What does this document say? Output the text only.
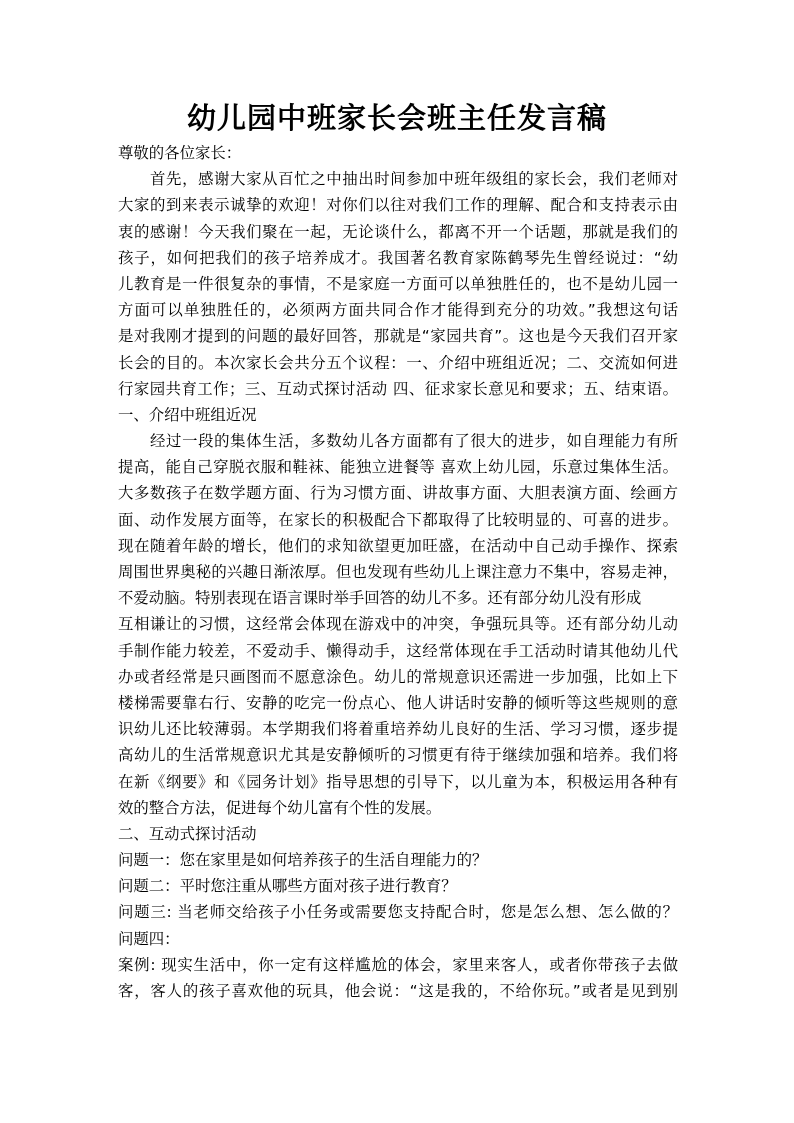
幼儿园中班家长会班主任发言稿
尊敬的各位家长：
　　首先，感谢大家从百忙之中抽出时间参加中班年级组的家长会，我们老师对
大家的到来表示诚挚的欢迎！对你们以往对我们工作的理解、配合和支持表示由
衷的感谢！今天我们聚在一起，无论谈什么，都离不开一个话题，那就是我们的
孩子，如何把我们的孩子培养成才。我国著名教育家陈鹤琴先生曾经说过：“幼
儿教育是一件很复杂的事情，不是家庭一方面可以单独胜任的，也不是幼儿园一
方面可以单独胜任的，必须两方面共同合作才能得到充分的功效。”我想这句话
是对我刚才提到的问题的最好回答，那就是“家园共育”。这也是今天我们召开家
长会的目的。本次家长会共分五个议程：一、介绍中班组近况；二、交流如何进
行家园共育工作；三、互动式探讨活动 四、征求家长意见和要求；五、结束语。
一、介绍中班组近况
　　经过一段的集体生活，多数幼儿各方面都有了很大的进步，如自理能力有所
提高，能自己穿脱衣服和鞋袜、能独立进餐等 喜欢上幼儿园，乐意过集体生活。
大多数孩子在数学题方面、行为习惯方面、讲故事方面、大胆表演方面、绘画方
面、动作发展方面等，在家长的积极配合下都取得了比较明显的、可喜的进步。
现在随着年龄的增长，他们的求知欲望更加旺盛，在活动中自己动手操作、探索
周围世界奥秘的兴趣日渐浓厚。但也发现有些幼儿上课注意力不集中，容易走神，
不爱动脑。特别表现在语言课时举手回答的幼儿不多。还有部分幼儿没有形成
互相谦让的习惯，这经常会体现在游戏中的冲突，争强玩具等。还有部分幼儿动
手制作能力较差，不爱动手、懒得动手，这经常体现在手工活动时请其他幼儿代
办或者经常是只画图而不愿意涂色。幼儿的常规意识还需进一步加强，比如上下
楼梯需要靠右行、安静的吃完一份点心、他人讲话时安静的倾听等这些规则的意
识幼儿还比较薄弱。本学期我们将着重培养幼儿良好的生活、学习习惯，逐步提
高幼儿的生活常规意识尤其是安静倾听的习惯更有待于继续加强和培养。我们将
在新《纲要》和《园务计划》指导思想的引导下，以儿童为本，积极运用各种有
效的整合方法，促进每个幼儿富有个性的发展。
二、互动式探讨活动
问题一：您在家里是如何培养孩子的生活自理能力的？
问题二：平时您注重从哪些方面对孩子进行教育？
问题三: 当老师交给孩子小任务或需要您支持配合时，您是怎么想、怎么做的？
问题四：
案例: 现实生活中，你一定有这样尴尬的体会，家里来客人，或者你带孩子去做
客，客人的孩子喜欢他的玩具，他会说：“这是我的，不给你玩。”或者是见到别
